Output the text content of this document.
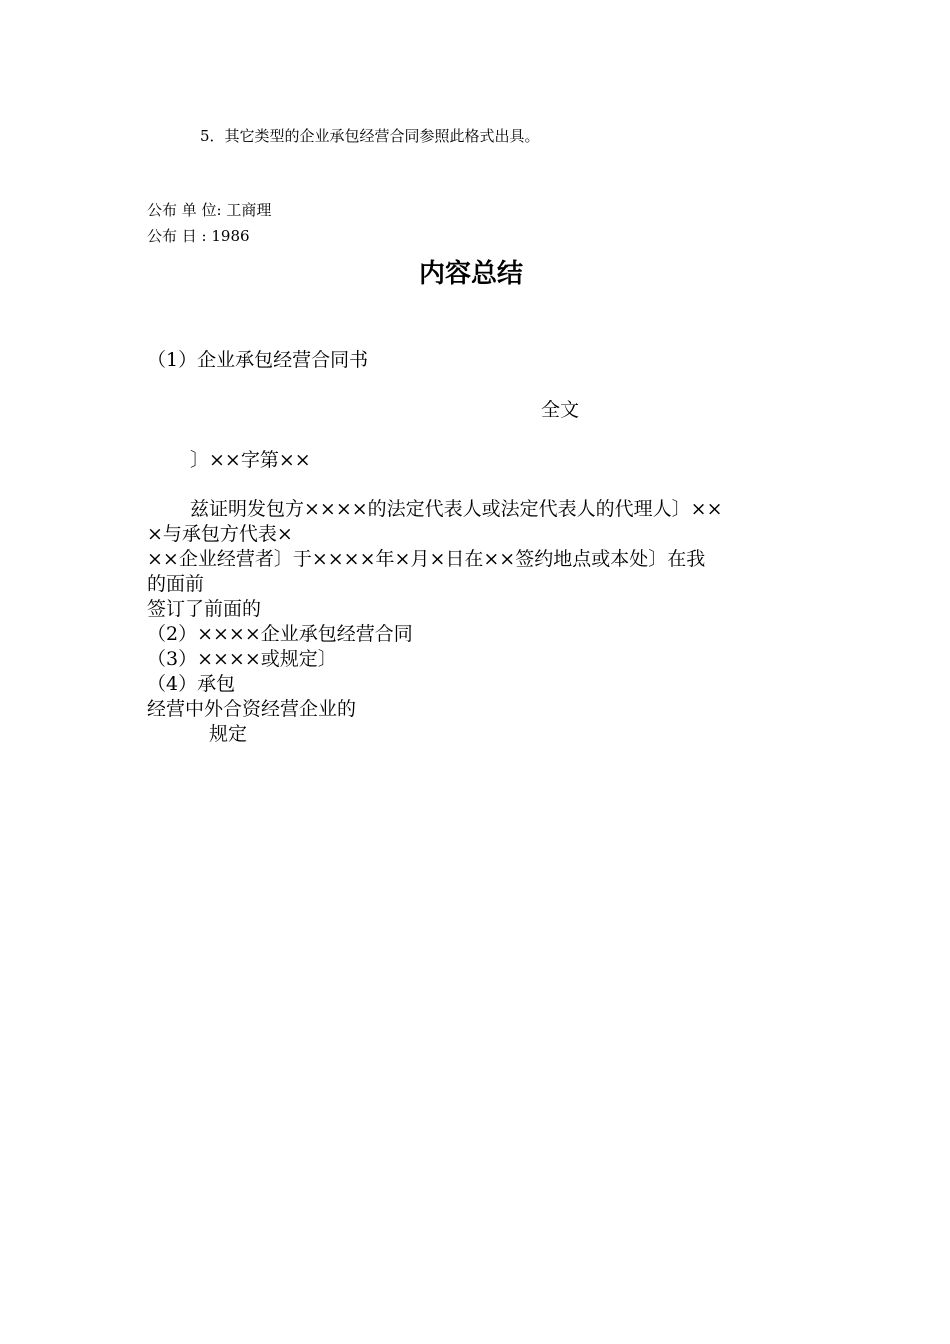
5．其它类型的企业承包经营合同参照此格式出具。
公布 单 位: 工商理
公布 日 : 1986
内容总结
（1）企业承包经营合同书
全文
〕××字第××
兹证明发包方××××的法定代表人或法定代表人的代理人〕××
×与承包方代表×
××企业经营者〕于××××年×月×日在××签约地点或本处〕在我
的面前
签订了前面的
（2）××××企业承包经营合同
（3）××××或规定〕
（4）承包
经营中外合资经营企业的
规定
